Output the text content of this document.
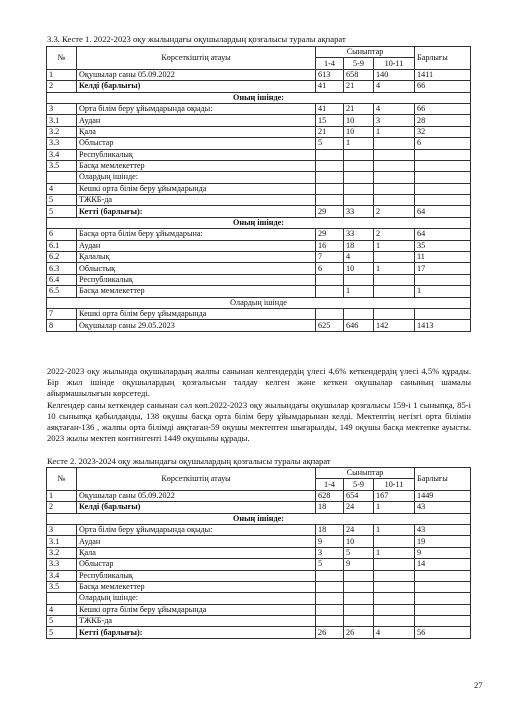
3.3. Кесте 1. 2022-2023 оқу жылындағы оқушылардың қозғалысы туралы ақпарат
№	Көрсеткіштің атауы	Сыныптар			Барлығы
		1-4	5-9	10-11	
1	Оқушылар саны 05.09.2022	613	658	140	1411
2	Келді (барлығы)	41	21	4	66
Оның ішінде:					
3	Орта білім беру ұйымдарында оқыды:	41	21	4	66
3.1	Аудан	15	10	3	28
3.2	Қала	21	10	1	32
3.3	Облыстар	5	1		6
3.4	Республикалық				
3.5	Басқа мемлекеттер				
	Олардың ішінде:				
4	Кешкі орта білім беру ұйымдарында				
5	ТЖКБ-да				
5	Кетті (барлығы):	29	33	2	64
Оның ішінде:					
6	Басқа орта білім беру ұйымдарына:	29	33	2	64
6.1	Аудан	16	18	1	35
6.2	Қалалық	7	4		11
6.3	Облыстық	6	10	1	17
6.4	Республикалық				
6.5	Басқа мемлекеттер		1		1
Олардың ішінде					
7	Кешкі орта білім беру ұйымдарында				
8	Оқушылар саны 29.05.2023	625	646	142	1413

2022-2023 оқу жылында оқушылардың жалпы санынан келгендердің үлесі 4,6% кеткендердің үлесі 4,5% құрады. Бір жыл ішінде оқушылардың қозғалысын талдау келген және кеткен оқушылар санының шамалы айырмашылығын көрсетеді.

Келгендер саны кеткендер санынан сәл көп.2022-2023 оқу жылындағы оқушылар қозғалысы 159-і 1 сыныпқа, 85-і 10 сыныпқа қабылданды, 138 оқушы басқа орта білім беру ұйымдарынан келді. Мектептің негізгі орта білімін аяқтаған-136 , жалпы орта білімді аяқтаған-59 оқушы мектептен шығарылды, 149 оқушы басқа мектепке ауысты. 2023 жылы мектеп контингенті 1449 оқушыны құрады.

Кесте 2. 2023-2024 оқу жылындағы оқушылардың қозғалысы туралы ақпарат
№	Көрсеткіштің атауы	Сыныптар			Барлығы
		1-4	5-9	10-11	
1	Оқушылар саны 05.09.2022	628	654	167	1449
2	Келді (барлығы)	18	24	1	43
Оның ішінде:					
3	Орта білім беру ұйымдарында оқыды:	18	24	1	43
3.1	Аудан	9	10		19
3.2	Қала	3	5	1	9
3.3	Облыстар	5	9		14
3.4	Республикалық				
3.5	Басқа мемлекеттер				
	Олардың ішінде:				
4	Кешкі орта білім беру ұйымдарында				
5	ТЖКБ-да				
5	Кетті (барлығы):	26	26	4	56
27
